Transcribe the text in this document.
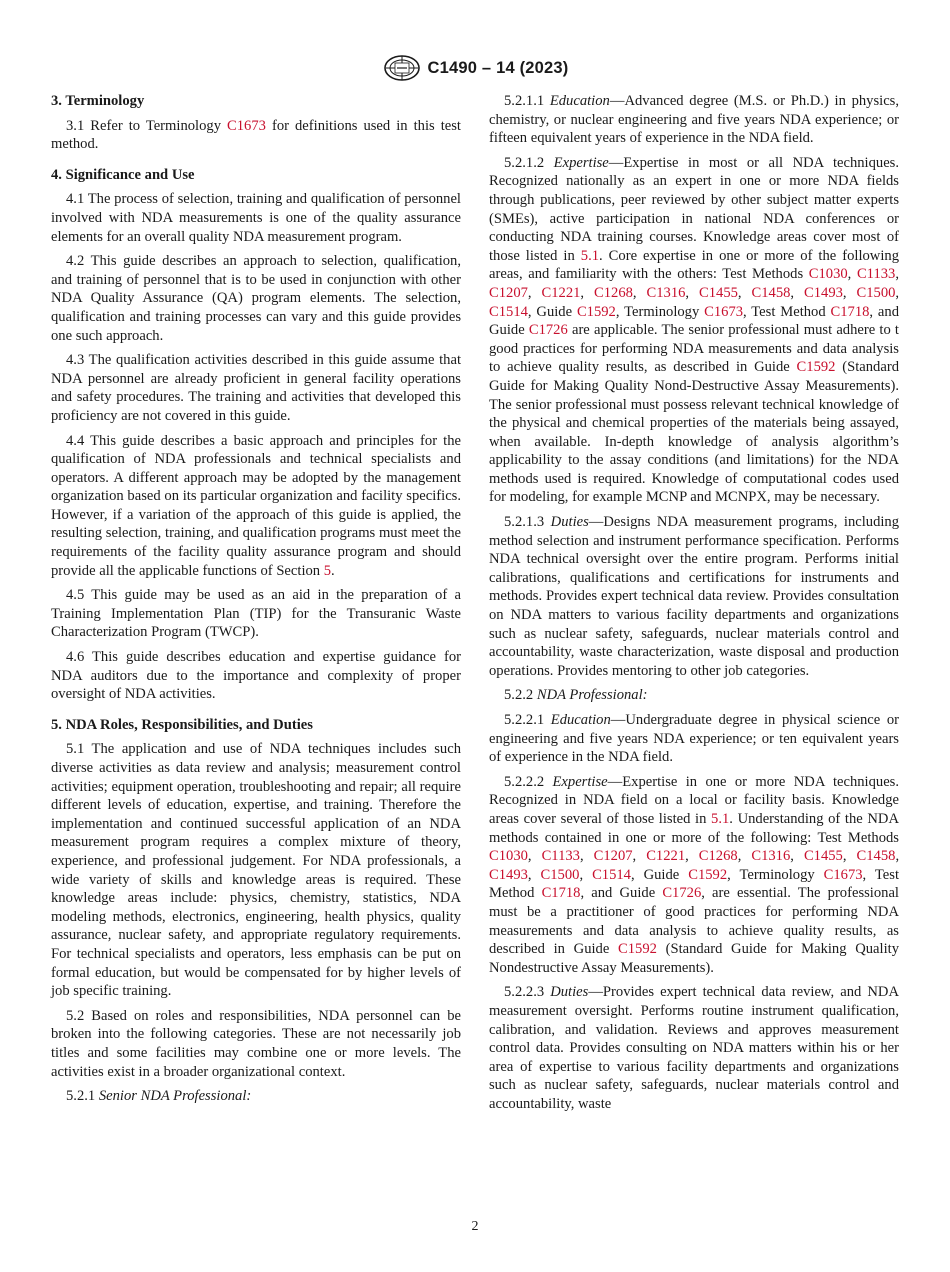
C1490 – 14 (2023)
3. Terminology

3.1 Refer to Terminology C1673 for definitions used in this test method.

4. Significance and Use

4.1 The process of selection, training and qualification of personnel involved with NDA measurements is one of the quality assurance elements for an overall quality NDA measurement program.

4.2 This guide describes an approach to selection, qualification, and training of personnel that is to be used in conjunction with other NDA Quality Assurance (QA) program elements. The selection, qualification and training processes can vary and this guide provides one such approach.

4.3 The qualification activities described in this guide assume that NDA personnel are already proficient in general facility operations and safety procedures. The training and activities that developed this proficiency are not covered in this guide.

4.4 This guide describes a basic approach and principles for the qualification of NDA professionals and technical specialists and operators. A different approach may be adopted by the management organization based on its particular organization and facility specifics. However, if a variation of the approach of this guide is applied, the resulting selection, training, and qualification programs must meet the requirements of the facility quality assurance program and should provide all the applicable functions of Section 5.

4.5 This guide may be used as an aid in the preparation of a Training Implementation Plan (TIP) for the Transuranic Waste Characterization Program (TWCP).

4.6 This guide describes education and expertise guidance for NDA auditors due to the importance and complexity of proper oversight of NDA activities.

5. NDA Roles, Responsibilities, and Duties

5.1 The application and use of NDA techniques includes such diverse activities as data review and analysis; measurement control activities; equipment operation, troubleshooting and repair; all require different levels of education, expertise, and training. Therefore the implementation and continued successful application of an NDA measurement program requires a complex mixture of theory, experience, and professional judgement. For NDA professionals, a wide variety of skills and knowledge areas is required. These knowledge areas include: physics, chemistry, statistics, NDA modeling methods, electronics, engineering, health physics, quality assurance, nuclear safety, and appropriate regulatory requirements. For technical specialists and operators, less emphasis can be put on formal education, but would be compensated for by higher levels of job specific training.

5.2 Based on roles and responsibilities, NDA personnel can be broken into the following categories. These are not necessarily job titles and some facilities may combine one or more levels. The activities exist in a broader organizational context.

5.2.1 Senior NDA Professional:

5.2.1.1 Education—Advanced degree (M.S. or Ph.D.) in physics, chemistry, or nuclear engineering and five years NDA experience; or fifteen equivalent years of experience in the NDA field.

5.2.1.2 Expertise—Expertise in most or all NDA techniques. Recognized nationally as an expert in one or more NDA fields through publications, peer reviewed by other subject matter experts (SMEs), active participation in national NDA conferences or conducting NDA training courses. Knowledge areas cover most of those listed in 5.1. Core expertise in one or more of the following areas, and familiarity with the others: Test Methods C1030, C1133, C1207, C1221, C1268, C1316, C1455, C1458, C1493, C1500, C1514, Guide C1592, Terminology C1673, Test Method C1718, and Guide C1726 are applicable. The senior professional must adhere to t good practices for performing NDA measurements and data analysis to achieve quality results, as described in Guide C1592 (Standard Guide for Making Quality Nond-Destructive Assay Measurements). The senior professional must possess relevant technical knowledge of the physical and chemical properties of the materials being assayed, when available. In-depth knowledge of analysis algorithm’s applicability to the assay conditions (and limitations) for the NDA methods used is required. Knowledge of computational codes used for modeling, for example MCNP and MCNPX, may be necessary.

5.2.1.3 Duties—Designs NDA measurement programs, including method selection and instrument performance specification. Performs NDA technical oversight over the entire program. Performs initial calibrations, qualifications and certifications for instruments and methods. Provides expert technical data review. Provides consultation on NDA matters to various facility departments and organizations such as nuclear safety, safeguards, nuclear materials control and accountability, waste characterization, waste disposal and production operations. Provides mentoring to other job categories.

5.2.2 NDA Professional:

5.2.2.1 Education—Undergraduate degree in physical science or engineering and five years NDA experience; or ten equivalent years of experience in the NDA field.

5.2.2.2 Expertise—Expertise in one or more NDA techniques. Recognized in NDA field on a local or facility basis. Knowledge areas cover several of those listed in 5.1. Understanding of the NDA methods contained in one or more of the following: Test Methods C1030, C1133, C1207, C1221, C1268, C1316, C1455, C1458, C1493, C1500, C1514, Guide C1592, Terminology C1673, Test Method C1718, and Guide C1726, are essential. The professional must be a practitioner of good practices for performing NDA measurements and data analysis to achieve quality results, as described in Guide C1592 (Standard Guide for Making Quality Nondestructive Assay Measurements).

5.2.2.3 Duties—Provides expert technical data review, and NDA measurement oversight. Performs routine instrument qualification, calibration, and validation. Reviews and approves measurement control data. Provides consulting on NDA matters within his or her area of expertise to various facility departments and organizations such as nuclear safety, safeguards, nuclear materials control and accountability, waste

2
